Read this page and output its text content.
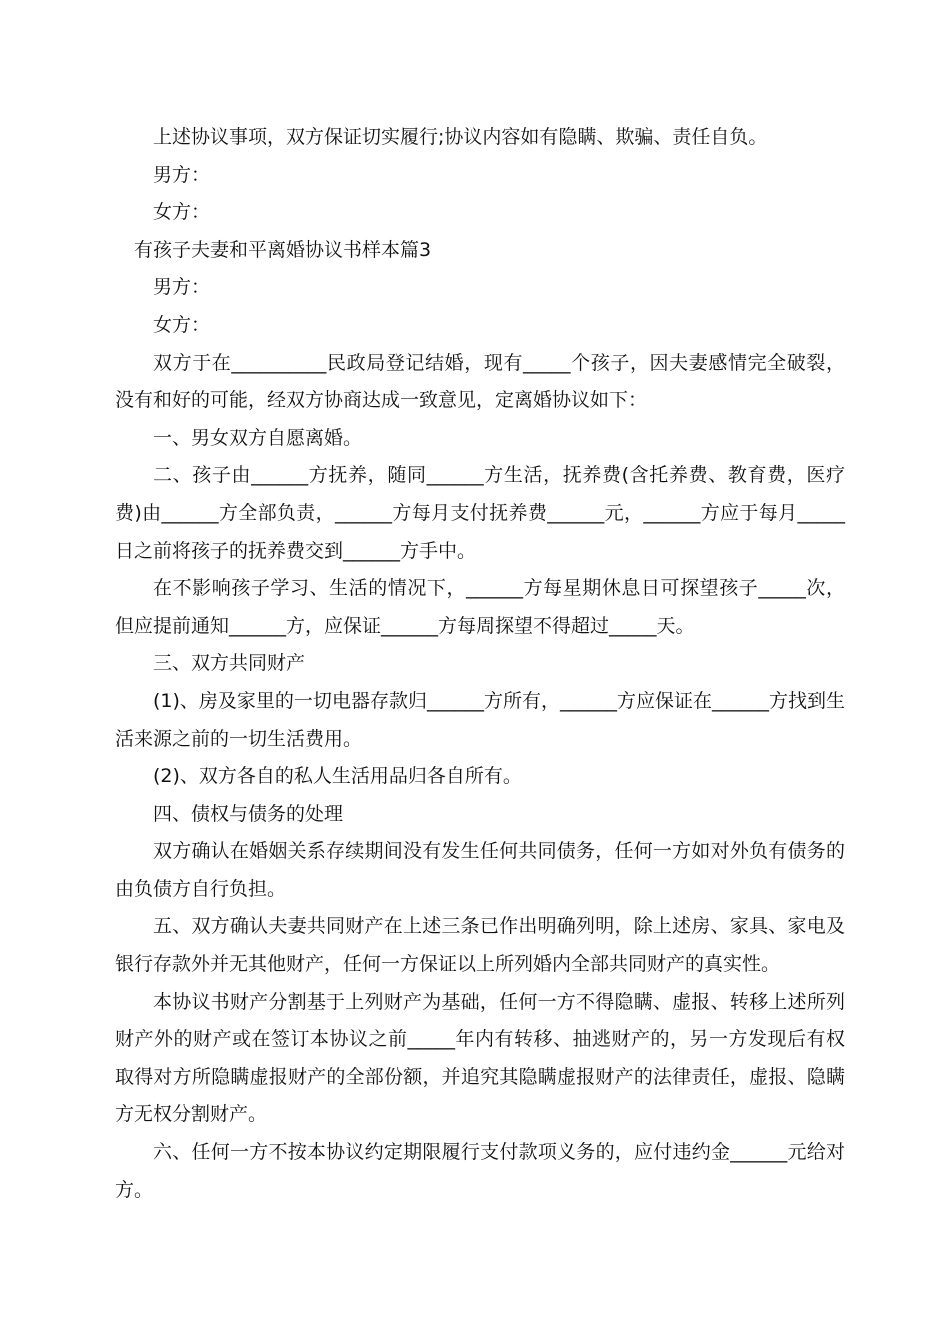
上述协议事项，双方保证切实履行;协议内容如有隐瞒、欺骗、责任自负。

男方：

女方：

有孩子夫妻和平离婚协议书样本篇3

男方：

女方：

双方于在__________民政局登记结婚，现有_____个孩子，因夫妻感情完全破裂，没有和好的可能，经双方协商达成一致意见，定离婚协议如下：

一、男女双方自愿离婚。

二、孩子由______方抚养，随同______方生活，抚养费(含托养费、教育费，医疗费)由______方全部负责，______方每月支付抚养费______元，______方应于每月_____日之前将孩子的抚养费交到______方手中。

在不影响孩子学习、生活的情况下，______方每星期休息日可探望孩子_____次，但应提前通知______方，应保证______方每周探望不得超过_____天。

三、双方共同财产

(1)、房及家里的一切电器存款归______方所有，______方应保证在______方找到生活来源之前的一切生活费用。

(2)、双方各自的私人生活用品归各自所有。

四、债权与债务的处理

双方确认在婚姻关系存续期间没有发生任何共同债务，任何一方如对外负有债务的由负债方自行负担。

五、双方确认夫妻共同财产在上述三条已作出明确列明，除上述房、家具、家电及银行存款外并无其他财产，任何一方保证以上所列婚内全部共同财产的真实性。

本协议书财产分割基于上列财产为基础，任何一方不得隐瞒、虚报、转移上述所列财产外的财产或在签订本协议之前_____年内有转移、抽逃财产的，另一方发现后有权取得对方所隐瞒虚报财产的全部份额，并追究其隐瞒虚报财产的法律责任，虚报、隐瞒方无权分割财产。

六、任何一方不按本协议约定期限履行支付款项义务的，应付违约金______元给对方。
